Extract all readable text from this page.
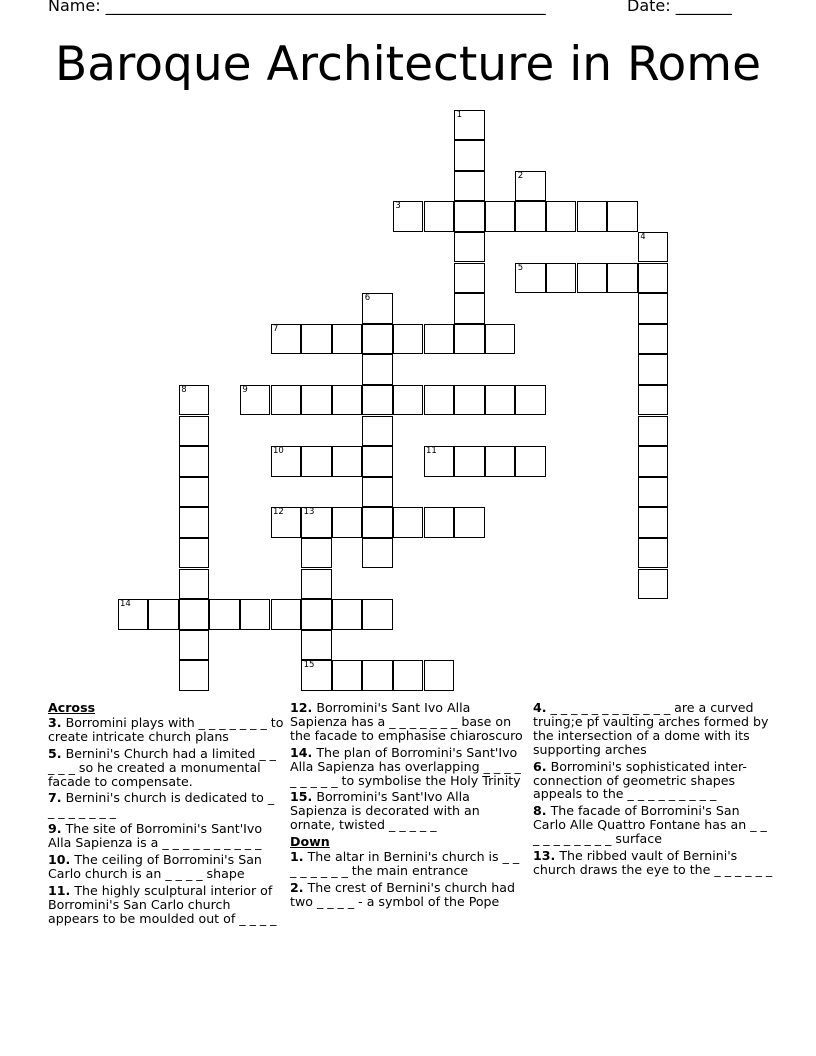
Name: _______________________________________________________	Date: _______
Baroque Architecture in Rome
3
5
7
9
10	11
12 13
14
15
1
2
4
6
8
Across
3. Borromini plays with _ _ _ _ _ _ _ to create intricate church plans
5. Bernini's Church had a limited _ _ _ _ _ so he created a monumental facade to compensate.
7. Bernini's church is dedicated to _ _ _ _ _ _ _ _
9. The site of Borromini's Sant'Ivo Alla Sapienza is a _ _ _ _ _ _ _ _ _ _
10. The ceiling of Borromini's San Carlo church is an _ _ _ _ shape
11. The highly sculptural interior of Borromini's San Carlo church appears to be moulded out of _ _ _ _
12. Borromini's Sant Ivo Alla Sapienza has a _ _ _ _ _ _ _ base on the facade to emphasise chiaroscuro
14. The plan of Borromini's Sant'Ivo Alla Sapienza has overlapping _ _ _ _ _ _ _ _ _ to symbolise the Holy Trinity
15. Borromini's Sant'Ivo Alla Sapienza is decorated with an ornate, twisted _ _ _ _ _
Down
1. The altar in Bernini's church is _ _ _ _ _ _ _ _ the main entrance
2. The crest of Bernini's church had two _ _ _ _ - a symbol of the Pope
4. _ _ _ _ _ _ _ _ _ _ _ _ are a curved truing;e pf vaulting arches formed by the intersection of a dome with its supporting arches
6. Borromini's sophisticated inter-connection of geometric shapes appeals to the _ _ _ _ _ _ _ _ _
8. The facade of Borromini's San Carlo Alle Quattro Fontane has an _ _ _ _ _ _ _ _ _ _ surface
13. The ribbed vault of Bernini's church draws the eye to the _ _ _ _ _ _
